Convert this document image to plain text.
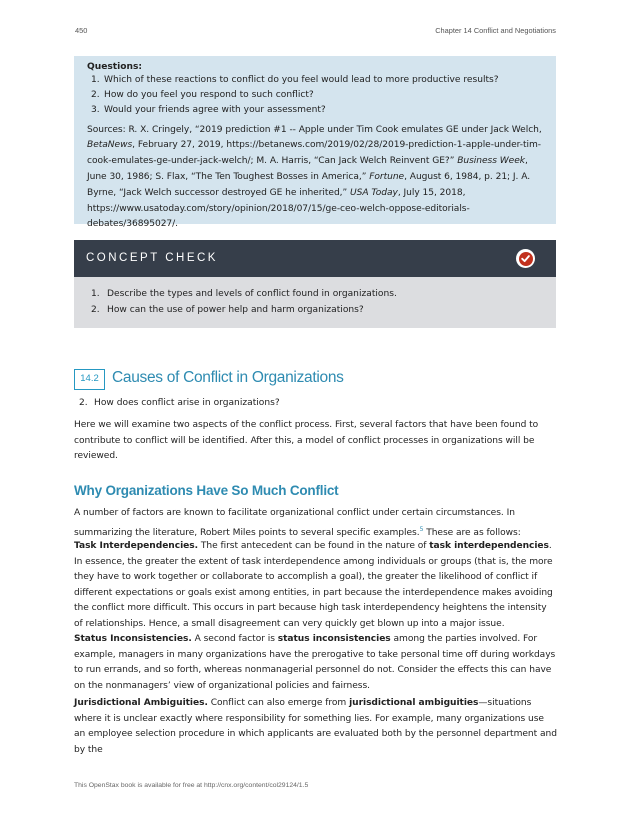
450	Chapter 14 Conflict and Negotiations
Questions:
1. Which of these reactions to conflict do you feel would lead to more productive results?
2. How do you feel you respond to such conflict?
3. Would your friends agree with your assessment?

Sources: R. X. Cringely, “2019 prediction #1 -- Apple under Tim Cook emulates GE under Jack Welch, BetaNews, February 27, 2019, https://betanews.com/2019/02/28/2019-prediction-1-apple-under-tim-cook-emulates-ge-under-jack-welch/; M. A. Harris, “Can Jack Welch Reinvent GE?” Business Week, June 30, 1986; S. Flax, “The Ten Toughest Bosses in America,” Fortune, August 6, 1984, p. 21; J. A. Byrne, “Jack Welch successor destroyed GE he inherited,” USA Today, July 15, 2018, https://www.usatoday.com/story/opinion/2018/07/15/ge-ceo-welch-oppose-editorials-debates/36895027/.

CONCEPT CHECK
1. Describe the types and levels of conflict found in organizations.
2. How can the use of power help and harm organizations?
14.2 Causes of Conflict in Organizations
2. How does conflict arise in organizations?

Here we will examine two aspects of the conflict process. First, several factors that have been found to contribute to conflict will be identified. After this, a model of conflict processes in organizations will be reviewed.

Why Organizations Have So Much Conflict

A number of factors are known to facilitate organizational conflict under certain circumstances. In summarizing the literature, Robert Miles points to several specific examples.$^5$ These are as follows:

Task Interdependencies. The first antecedent can be found in the nature of task interdependencies. In essence, the greater the extent of task interdependence among individuals or groups (that is, the more they have to work together or collaborate to accomplish a goal), the greater the likelihood of conflict if different expectations or goals exist among entities, in part because the interdependence makes avoiding the conflict more difficult. This occurs in part because high task interdependency heightens the intensity of relationships. Hence, a small disagreement can very quickly get blown up into a major issue.

Status Inconsistencies. A second factor is status inconsistencies among the parties involved. For example, managers in many organizations have the prerogative to take personal time off during workdays to run errands, and so forth, whereas nonmanagerial personnel do not. Consider the effects this can have on the nonmanagers’ view of organizational policies and fairness.

Jurisdictional Ambiguities. Conflict can also emerge from jurisdictional ambiguities—situations where it is unclear exactly where responsibility for something lies. For example, many organizations use an employee selection procedure in which applicants are evaluated both by the personnel department and by the

This OpenStax book is available for free at http://cnx.org/content/col29124/1.5
